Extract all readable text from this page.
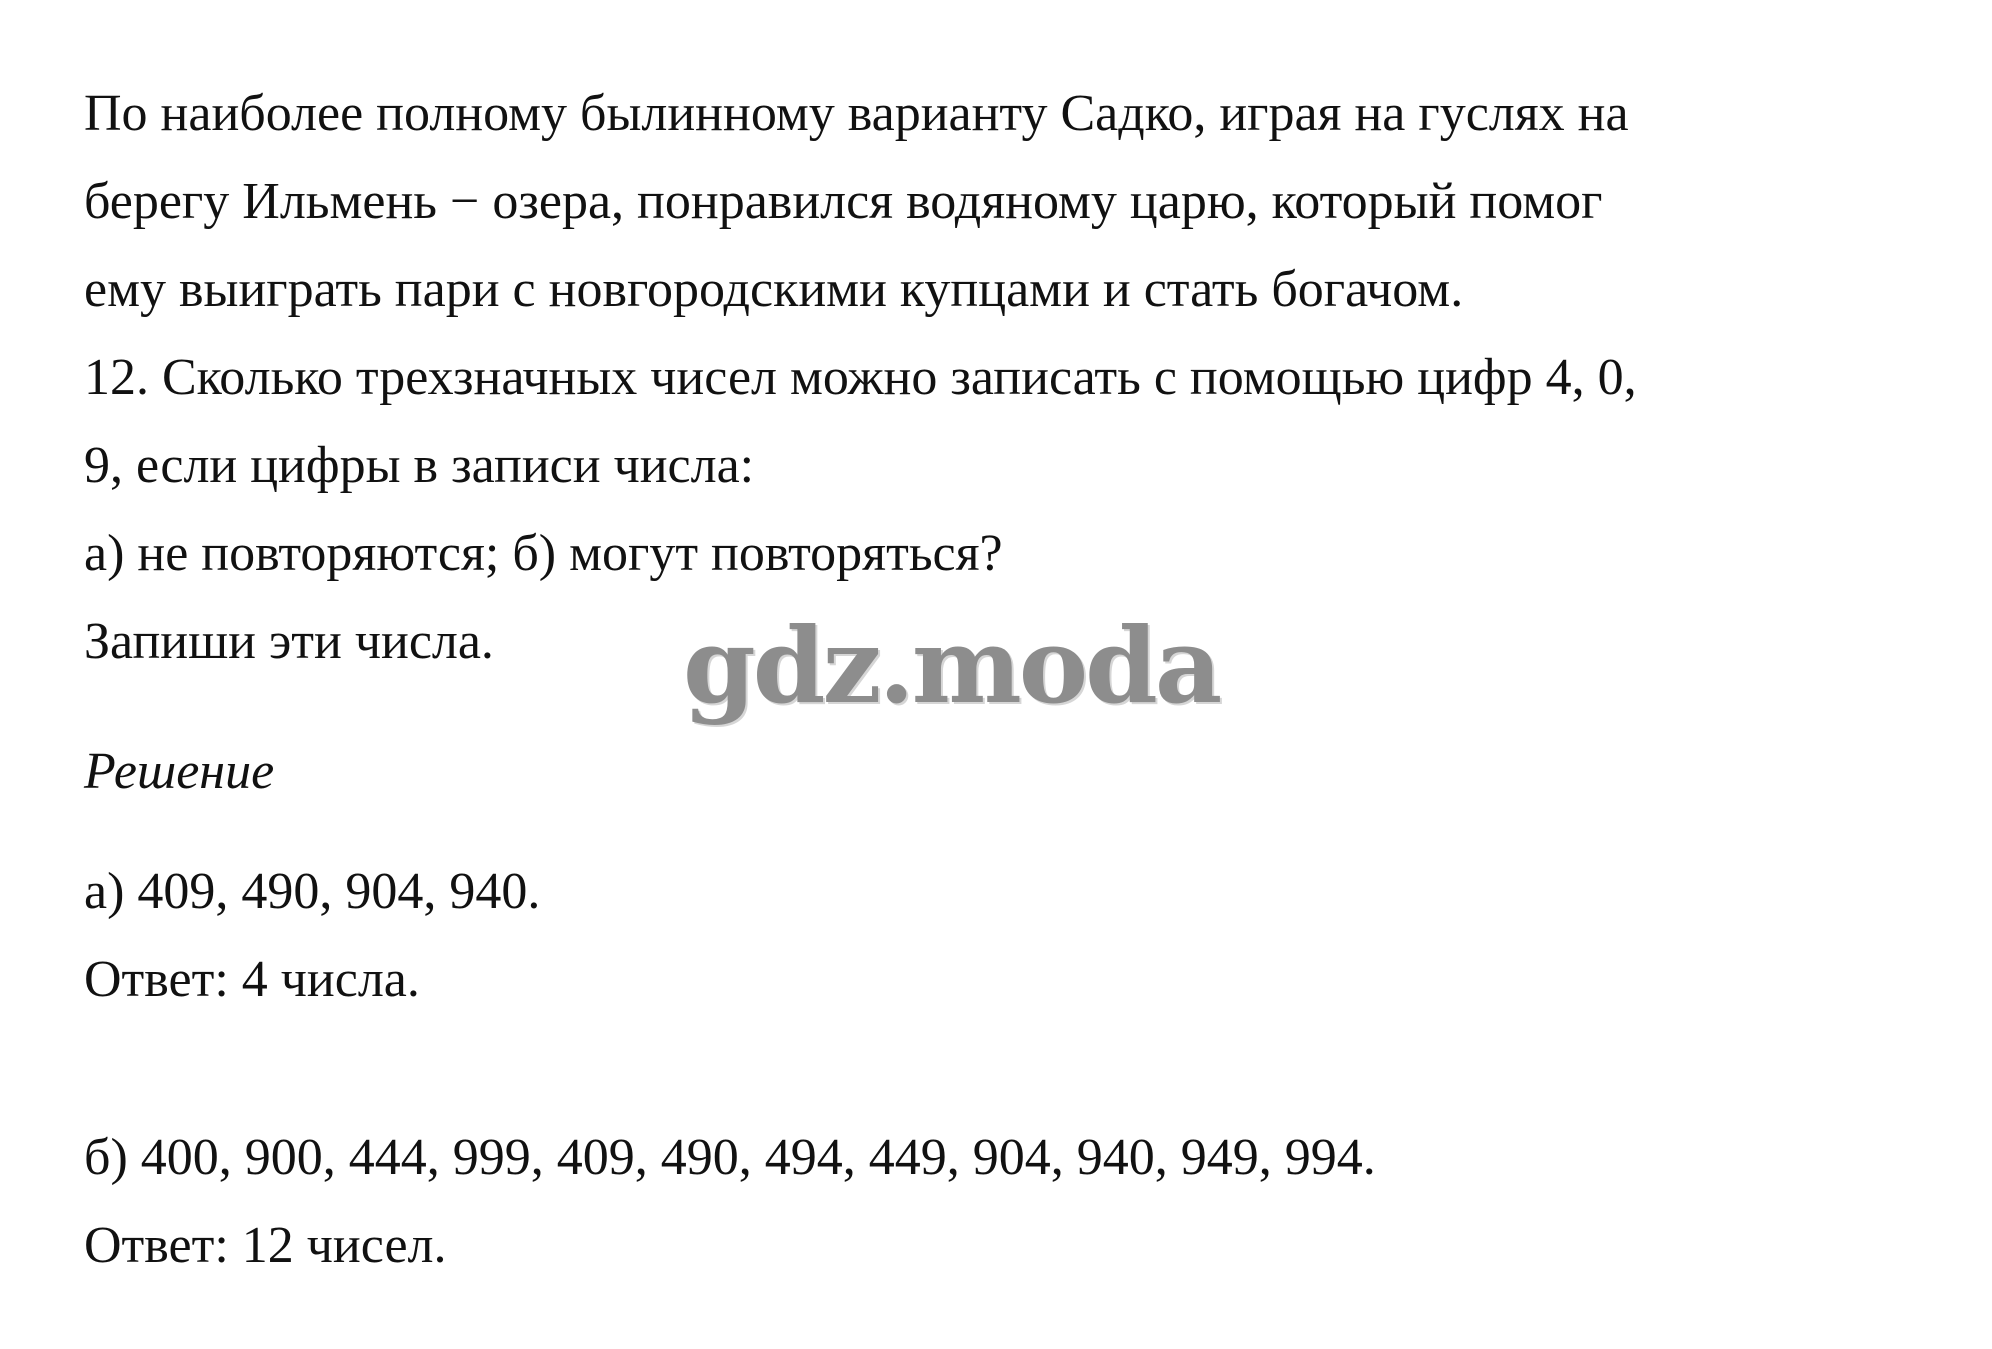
По наиболее полному былинному варианту Садко, играя на гуслях на
берегу Ильмень − озера, понравился водяному царю, который помог
ему выиграть пари с новгородскими купцами и стать богачом.
12. Сколько трехзначных чисел можно записать с помощью цифр 4, 0,
9, если цифры в записи числа:
а) не повторяются; б) могут повторяться?
Запиши эти числа.
Решение
а) 409, 490, 904, 940.
Ответ: 4 числа.
б) 400, 900, 444, 999, 409, 490, 494, 449, 904, 940, 949, 994.
Ответ: 12 чисел.
gdz.moda
